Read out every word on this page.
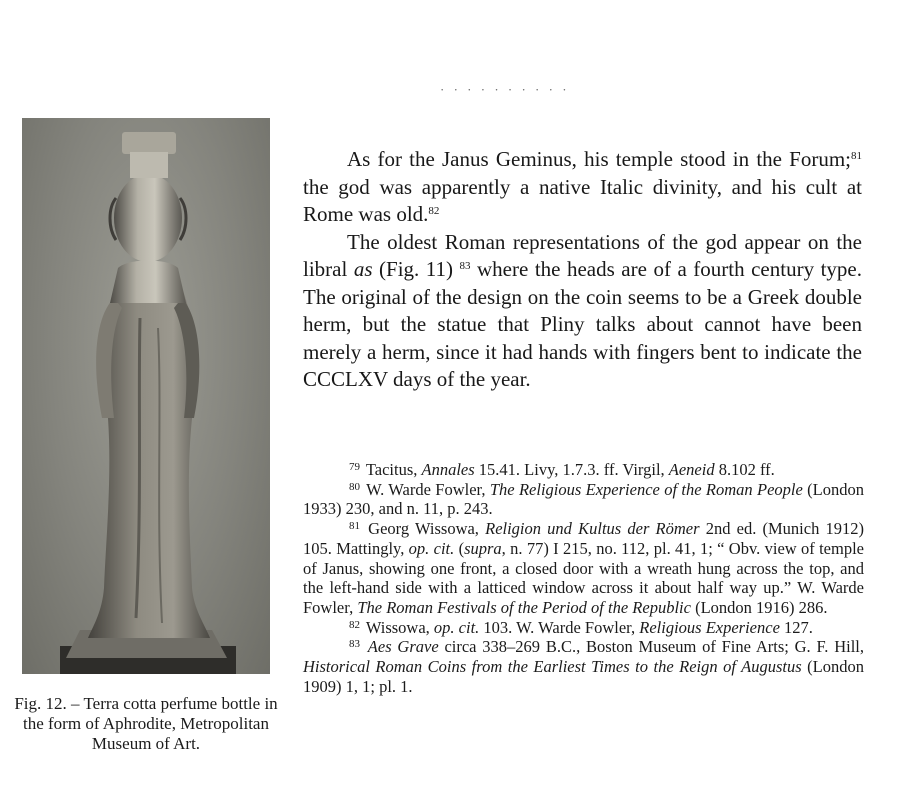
· · · · · · · · · ·
Fig. 12. – Terra cotta perfume bottle in the form of Aphrodite, Metropolitan Museum of Art.

As for the Janus Geminus, his temple stood in the Forum;$^{81}$ the god was apparently a native Italic divinity, and his cult at Rome was old.$^{82}$

The oldest Roman representations of the god appear on the libral as (Fig. 11) $^{83}$ where the heads are of a fourth century type. The original of the design on the coin seems to be a Greek double herm, but the statue that Pliny talks about cannot have been merely a herm, since it had hands with fingers bent to indicate the CCCLXV days of the year.

$^{79}$ Tacitus, Annales 15.41. Livy, 1.7.3. ff. Virgil, Aeneid 8.102 ff.

$^{80}$ W. Warde Fowler, The Religious Experience of the Roman People (London 1933) 230, and n. 11, p. 243.

$^{81}$ Georg Wissowa, Religion und Kultus der Römer 2nd ed. (Munich 1912) 105. Mattingly, op. cit. (supra, n. 77) I 215, no. 112, pl. 41, 1; “ Obv. view of temple of Janus, showing one front, a closed door with a wreath hung across the top, and the left-hand side with a latticed window across it about half way up.” W. Warde Fowler, The Roman Festivals of the Period of the Republic (London 1916) 286.

$^{82}$ Wissowa, op. cit. 103. W. Warde Fowler, Religious Experience 127.

$^{83}$ Aes Grave circa 338–269 B.C., Boston Museum of Fine Arts; G. F. Hill, Historical Roman Coins from the Earliest Times to the Reign of Augustus (London 1909) 1, 1; pl. 1.
